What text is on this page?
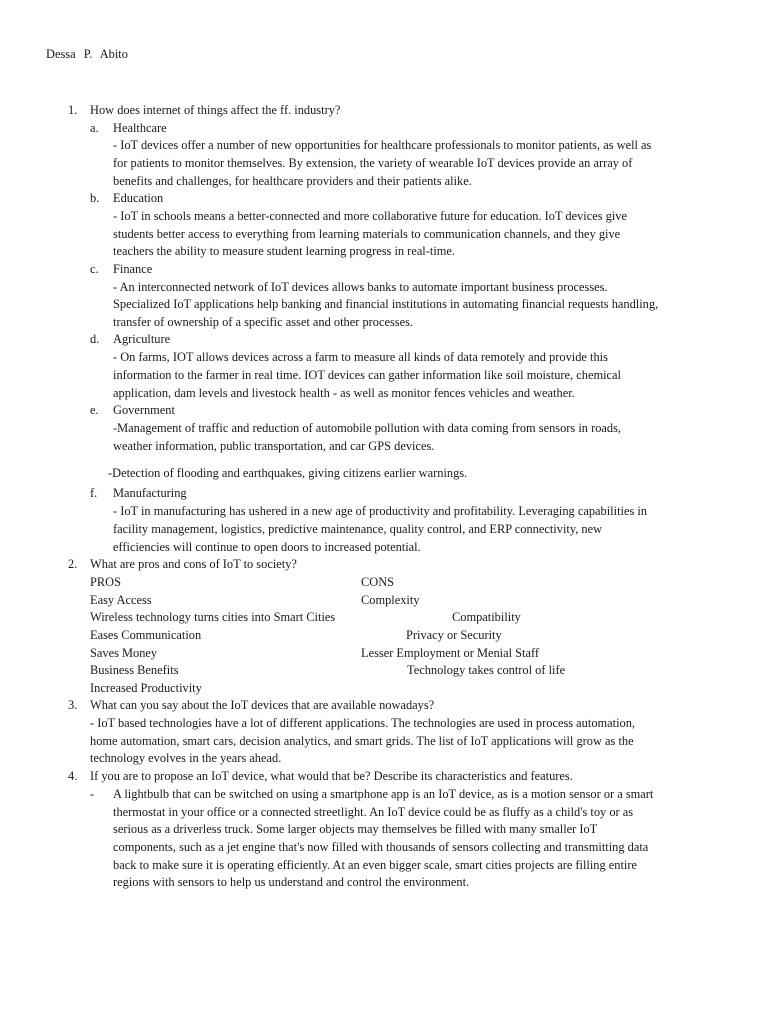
Dessa P. Abito
1. How does internet of things affect the ff. industry?
a. Healthcare
- IoT devices offer a number of new opportunities for healthcare professionals to monitor patients, as well as
for patients to monitor themselves. By extension, the variety of wearable IoT devices provide an array of
benefits and challenges, for healthcare providers and their patients alike.
b. Education
- IoT in schools means a better-connected and more collaborative future for education. IoT devices give
students better access to everything from learning materials to communication channels, and they give
teachers the ability to measure student learning progress in real-time.
c. Finance
- An interconnected network of IoT devices allows banks to automate important business processes.
Specialized IoT applications help banking and financial institutions in automating financial requests handling,
transfer of ownership of a specific asset and other processes.
d. Agriculture
- On farms, IOT allows devices across a farm to measure all kinds of data remotely and provide this
information to the farmer in real time. IOT devices can gather information like soil moisture, chemical
application, dam levels and livestock health - as well as monitor fences vehicles and weather.
e. Government
-Management of traffic and reduction of automobile pollution with data coming from sensors in roads,
weather information, public transportation, and car GPS devices.
-Detection of flooding and earthquakes, giving citizens earlier warnings.
f. Manufacturing
- IoT in manufacturing has ushered in a new age of productivity and profitability. Leveraging capabilities in
facility management, logistics, predictive maintenance, quality control, and ERP connectivity, new
efficiencies will continue to open doors to increased potential.
2. What are pros and cons of IoT to society?
PROS	CONS
Easy Access	Complexity
Wireless technology turns cities into Smart Cities	Compatibility
Eases Communication	Privacy or Security
Saves Money	Lesser Employment or Menial Staff
Business Benefits	Technology takes control of life
Increased Productivity
3. What can you say about the IoT devices that are available nowadays?
- IoT based technologies have a lot of different applications. The technologies are used in process automation,
home automation, smart cars, decision analytics, and smart grids. The list of IoT applications will grow as the
technology evolves in the years ahead.
4. If you are to propose an IoT device, what would that be? Describe its characteristics and features.
- A lightbulb that can be switched on using a smartphone app is an IoT device, as is a motion sensor or a smart
thermostat in your office or a connected streetlight. An IoT device could be as fluffy as a child's toy or as
serious as a driverless truck. Some larger objects may themselves be filled with many smaller IoT
components, such as a jet engine that's now filled with thousands of sensors collecting and transmitting data
back to make sure it is operating efficiently. At an even bigger scale, smart cities projects are filling entire
regions with sensors to help us understand and control the environment.
